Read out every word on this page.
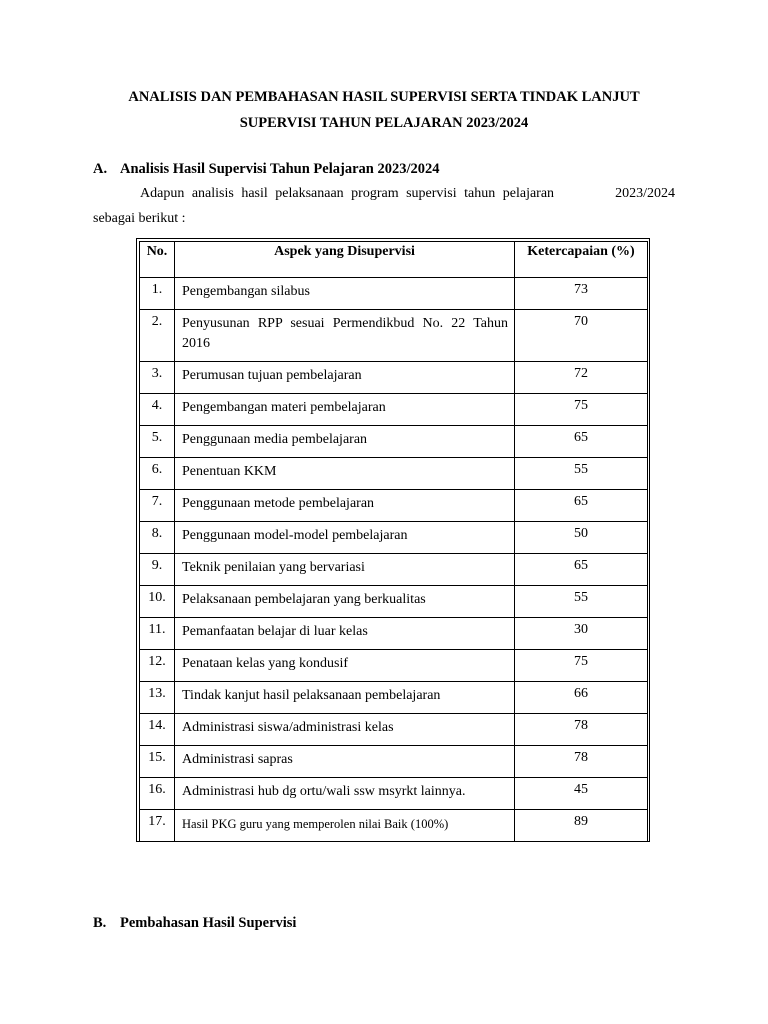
ANALISIS DAN PEMBAHASAN HASIL SUPERVISI SERTA TINDAK LANJUT
SUPERVISI TAHUN PELAJARAN 2023/2024
A. Analisis Hasil Supervisi Tahun Pelajaran 2023/2024
Adapun analisis hasil pelaksanaan program supervisi tahun pelajaran	2023/2024
sebagai berikut :
No.	Aspek yang Disupervisi	Ketercapaian (%)
1.	Pengembangan silabus	73
2.	Penyusunan RPP sesuai Permendikbud No. 22 Tahun 2016	70
3.	Perumusan tujuan pembelajaran	72
4.	Pengembangan materi pembelajaran	75
5.	Penggunaan media pembelajaran	65
6.	Penentuan KKM	55
7.	Penggunaan metode pembelajaran	65
8.	Penggunaan model-model pembelajaran	50
9.	Teknik penilaian yang bervariasi	65
10.	Pelaksanaan pembelajaran yang berkualitas	55
11.	Pemanfaatan belajar di luar kelas	30
12.	Penataan kelas yang kondusif	75
13.	Tindak kanjut hasil pelaksanaan pembelajaran	66
14.	Administrasi siswa/administrasi kelas	78
15.	Administrasi sapras	78
16.	Administrasi hub dg ortu/wali ssw msyrkt lainnya.	45
17.	Hasil PKG guru yang memperolen nilai Baik (100%)	89
B. Pembahasan Hasil Supervisi
